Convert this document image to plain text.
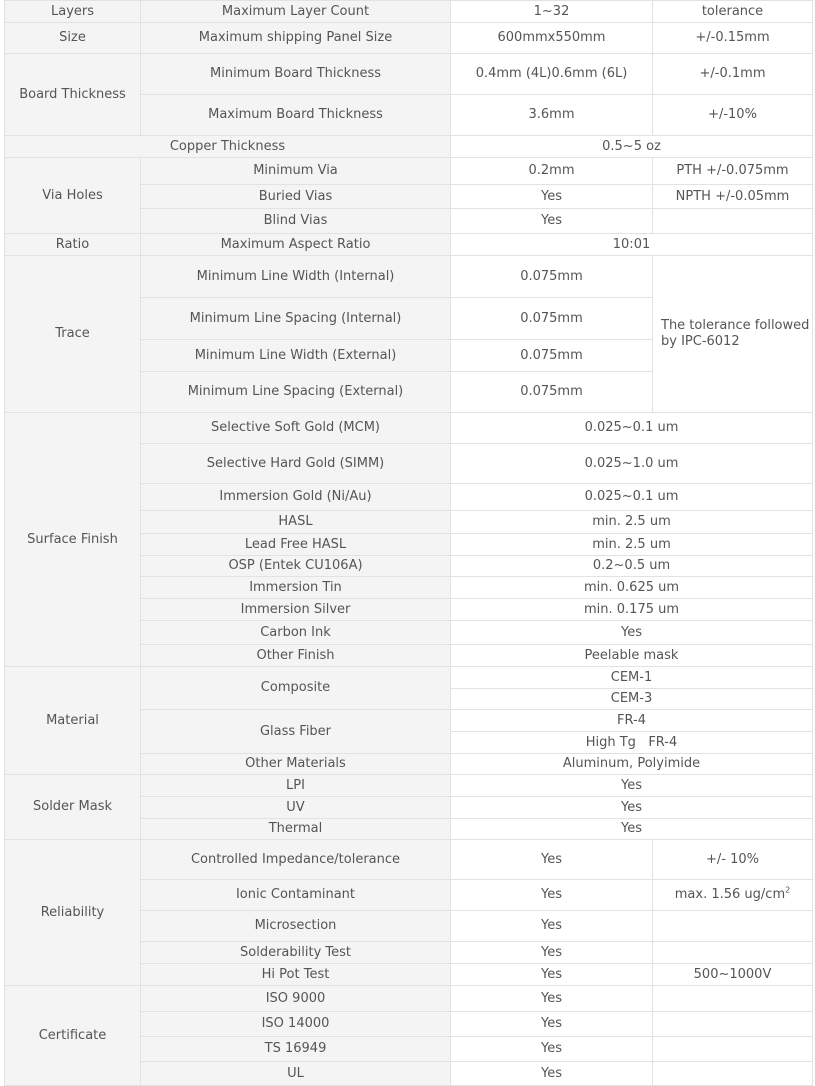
Layers	Maximum Layer Count	1~32	tolerance
Size	Maximum shipping Panel Size	600mmx550mm	+/-0.15mm
Board Thickness	Minimum Board Thickness	0.4mm (4L)0.6mm (6L)	+/-0.1mm
	Maximum Board Thickness	3.6mm	+/-10%
Copper Thickness		0.5~5 oz	
Via Holes	Minimum Via	0.2mm	PTH +/-0.075mm
	Buried Vias	Yes	NPTH +/-0.05mm
	Blind Vias	Yes	
Ratio	Maximum Aspect Ratio	10:01	
Trace	Minimum Line Width (Internal)	0.075mm	The tolerance followed by IPC-6012
	Minimum Line Spacing (Internal)	0.075mm	
	Minimum Line Width (External)	0.075mm	
	Minimum Line Spacing (External)	0.075mm	
Surface Finish	Selective Soft Gold (MCM)	0.025~0.1 um	
	Selective Hard Gold (SIMM)	0.025~1.0 um	
	Immersion Gold (Ni/Au)	0.025~0.1 um	
	HASL	min. 2.5 um	
	Lead Free HASL	min. 2.5 um	
	OSP (Entek CU106A)	0.2~0.5 um	
	Immersion Tin	min. 0.625 um	
	Immersion Silver	min. 0.175 um	
	Carbon Ink	Yes	
	Other Finish	Peelable mask	
Material	Composite	CEM-1	
		CEM-3	
	Glass Fiber	FR-4	
		High Tg   FR-4	
	Other Materials	Aluminum, Polyimide	
Solder Mask	LPI	Yes	
	UV	Yes	
	Thermal	Yes	
Reliability	Controlled Impedance/tolerance	Yes	+/- 10%
	Ionic Contaminant	Yes	max. 1.56 $ug/cm^2$
	Microsection	Yes	
	Solderability Test	Yes	
	Hi Pot Test	Yes	500~1000V
Certificate	ISO 9000	Yes	
	ISO 14000	Yes	
	TS 16949	Yes	
	UL	Yes	
